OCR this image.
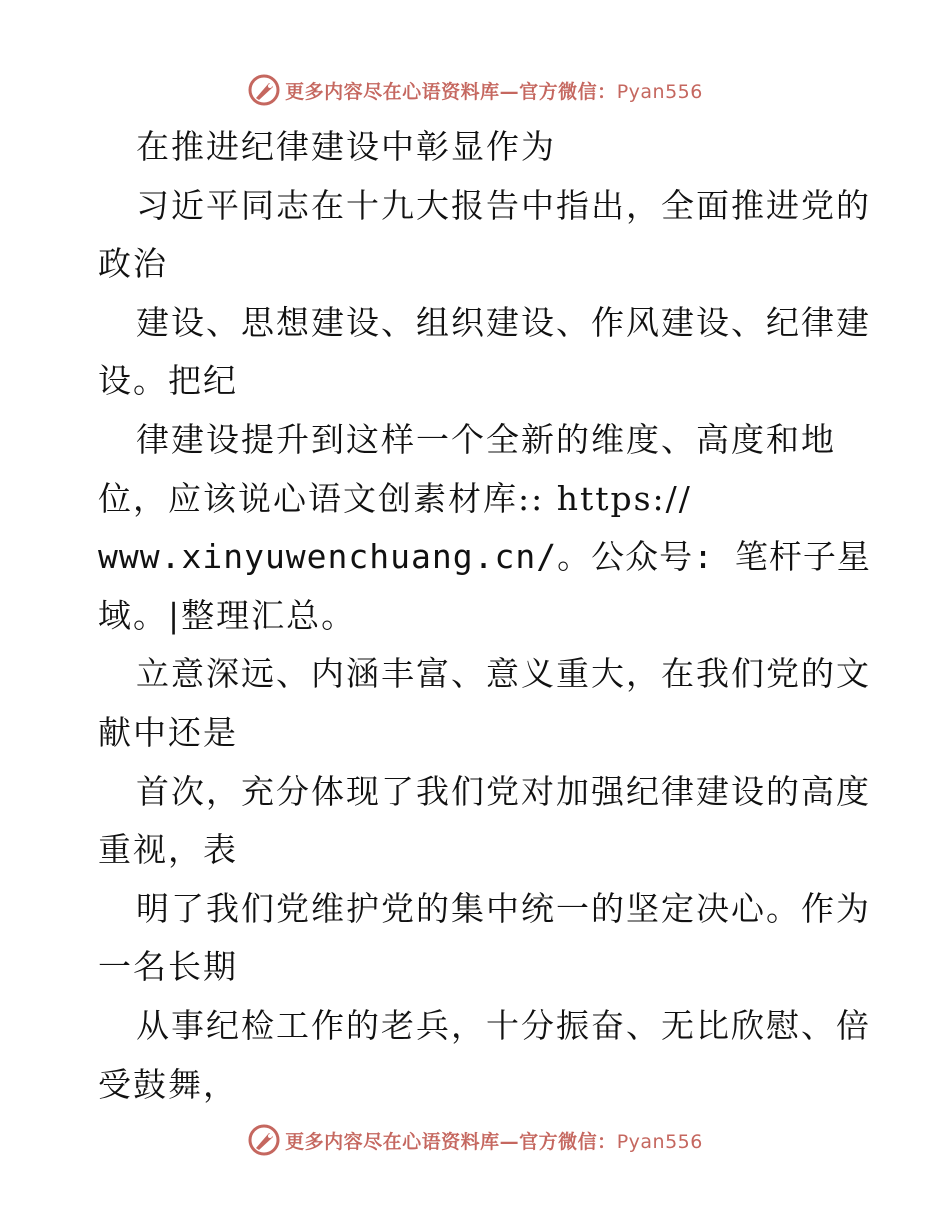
更多内容尽在心语资料库—官方微信：Pyan556
在推进纪律建设中彰显作为
习近平同志在十九大报告中指出，全面推进党的
政治
建设、思想建设、组织建设、作风建设、纪律建
设。把纪
律建设提升到这样一个全新的维度、高度和地
位，应该说心语文创素材库:: https://
www.xinyuwenchuang.cn/。公众号: 笔杆子星
域。|整理汇总。
立意深远、内涵丰富、意义重大，在我们党的文
献中还是
首次，充分体现了我们党对加强纪律建设的高度
重视，表
明了我们党维护党的集中统一的坚定决心。作为
一名长期
从事纪检工作的老兵，十分振奋、无比欣慰、倍
受鼓舞，
更多内容尽在心语资料库—官方微信：Pyan556
